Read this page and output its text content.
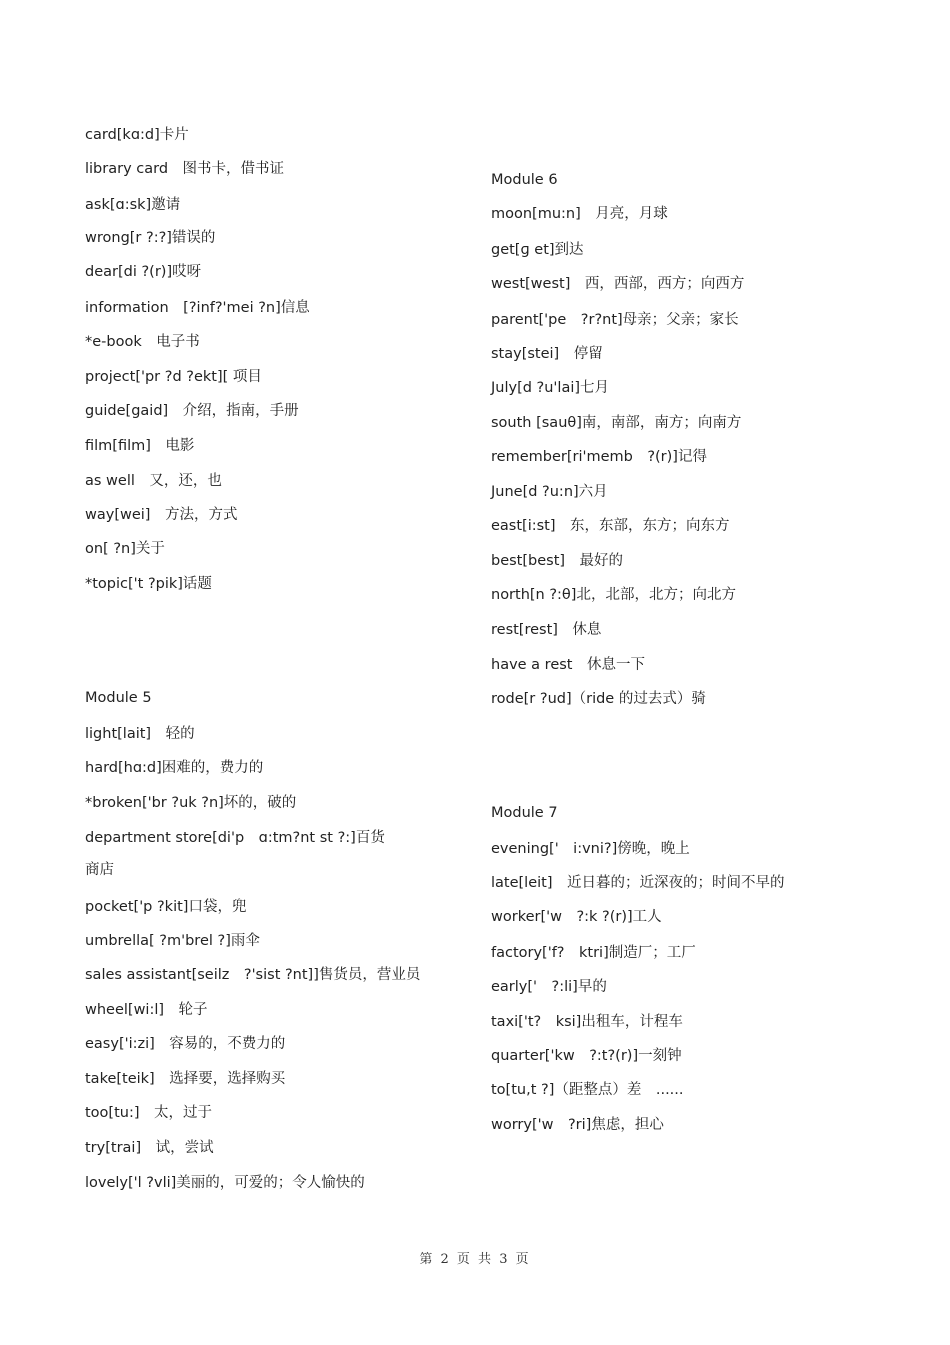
card[kɑ:d]卡片
library card　图书卡，借书证
ask[ɑ:sk]邀请
wrong[r ?:?]错误的
dear[di ?(r)]哎呀
information　[?inf?'mei ?n]信息
*e-book　电子书
project['pr ?d ?ekt][ 项目
guide[gaid]　介绍，指南，手册
film[film]　电影
as well　又，还，也
way[wei]　方法，方式
on[ ?n]关于
*topic['t ?pik]话题
Module 5
light[lait]　轻的
hard[hɑ:d]困难的，费力的
*broken['br ?uk ?n]坏的，破的
department store[di'p　ɑ:tm?nt st ?:]百货
商店
pocket['p ?kit]口袋，兜
umbrella[ ?m'brel ?]雨伞
sales assistant[seilz　?'sist ?nt]]售货员，营业员
wheel[wi:l]　轮子
easy['i:zi]　容易的，不费力的
take[teik]　选择要，选择购买
too[tu:]　太，过于
try[trai]　试，尝试
lovely['l ?vli]美丽的，可爱的；令人愉快的
Module 6
moon[mu:n]　月亮，月球
get[ɡ et]到达
west[west]　西，西部，西方；向西方
parent['pe　?r?nt]母亲；父亲；家长
stay[stei]　停留
July[d ?u'lai]七月
south [sauθ]南，南部，南方；向南方
remember[ri'memb　?(r)]记得
June[d ?u:n]六月
east[i:st]　东，东部，东方；向东方
best[best]　最好的
north[n ?:θ]北，北部，北方；向北方
rest[rest]　休息
have a rest　休息一下
rode[r ?ud]（ride 的过去式）骑
Module 7
evening['　i:vni?]傍晚，晚上
late[leit]　近日暮的；近深夜的；时间不早的
worker['w　?:k ?(r)]工人
factory['f?　ktri]制造厂；工厂
early['　?:li]早的
taxi['t?　ksi]出租车，计程车
quarter['kw　?:t?(r)]一刻钟
to[tu,t ?]（距整点）差　......
worry['w　?ri]焦虑，担心
第 2 页 共 3 页
